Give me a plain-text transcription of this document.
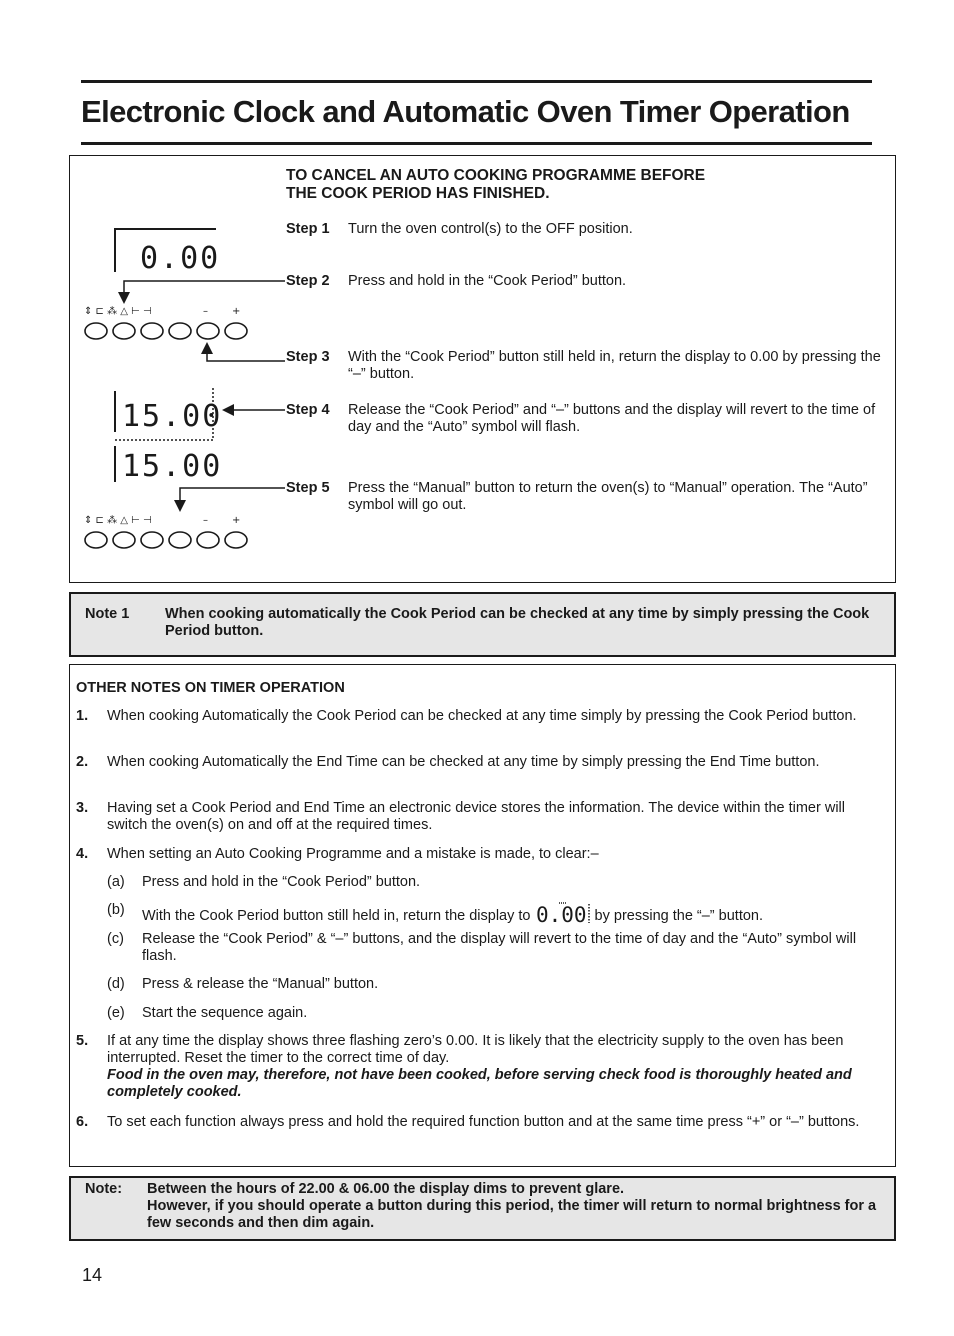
Electronic Clock and Automatic Oven Timer Operation
TO CANCEL AN AUTO COOKING PROGRAMME BEFORE
THE COOK PERIOD HAS FINISHED.
Step 1 Turn the oven control(s) to the OFF position.
Step 2 Press and hold in the “Cook Period” button.
Step 3 With the “Cook Period” button still held in, return the display to 0.00 by pressing the “–” button.
Step 4 Release the “Cook Period” and “–” buttons and the display will revert to the time of day and the “Auto” symbol will flash.
Step 5 Press the “Manual” button to return the oven(s) to “Manual” operation. The “Auto” symbol will go out.
0.00
⇕ ⊏ ⁂ △ ⊢ ⊣	– +
15.00
15.00
⇕ ⊏ ⁂ △ ⊢ ⊣	– +
Note 1 When cooking automatically the Cook Period can be checked at any time by simply pressing the Cook Period button.
OTHER NOTES ON TIMER OPERATION
1. When cooking Automatically the Cook Period can be checked at any time simply by pressing the Cook Period button.
2. When cooking Automatically the End Time can be checked at any time by simply pressing the End Time button.
3. Having set a Cook Period and End Time an electronic device stores the information. The device within the timer will switch the oven(s) on and off at the required times.
4. When setting an Auto Cooking Programme and a mistake is made, to clear:–
(a) Press and hold in the “Cook Period” button.
(b) With the Cook Period button still held in, return the display to 0.00 by pressing the “–” button.
(c) Release the “Cook Period” & “–” buttons, and the display will revert to the time of day and the “Auto” symbol will flash.
(d) Press & release the “Manual” button.
(e) Start the sequence again.
5. If at any time the display shows three flashing zero’s 0.00. It is likely that the electricity supply to the oven has been interrupted. Reset the timer to the correct time of day.
Food in the oven may, therefore, not have been cooked, before serving check food is thoroughly heated and completely cooked.
6. To set each function always press and hold the required function button and at the same time press “+” or “–” buttons.
Note: Between the hours of 22.00 & 06.00 the display dims to prevent glare.
However, if you should operate a button during this period, the timer will return to normal brightness for a few seconds and then dim again.
14
